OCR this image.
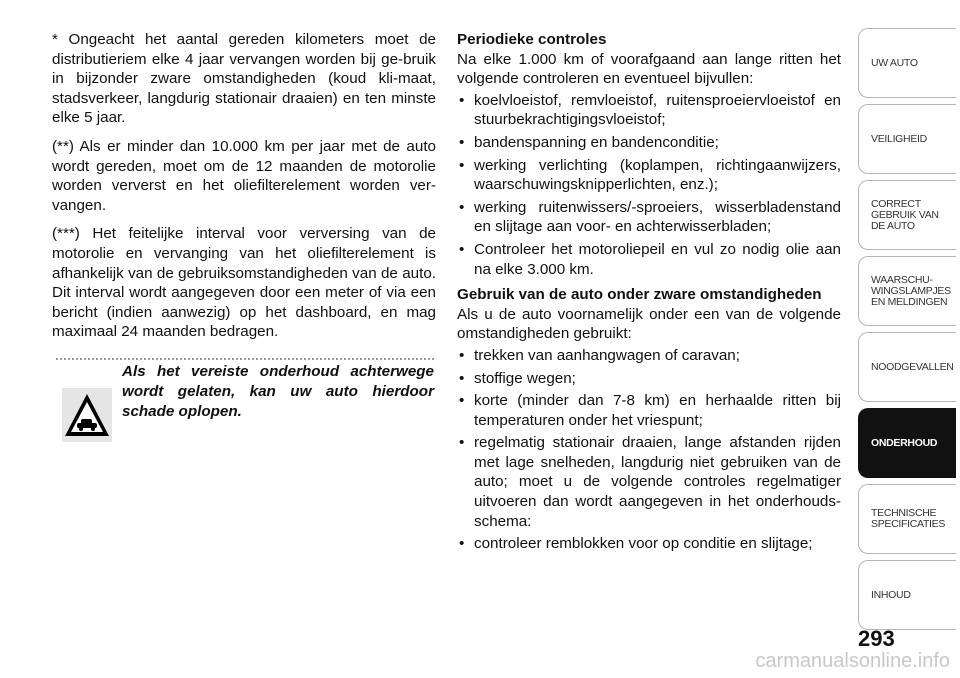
* Ongeacht het aantal gereden kilometers moet de distributieriem elke 4 jaar vervangen worden bij ge-bruik in bijzonder zware omstandigheden (koud kli-maat, stadsverkeer, langdurig stationair draaien) en ten minste elke 5 jaar.

(**) Als er minder dan 10.000 km per jaar met de auto wordt gereden, moet om de 12 maanden de motorolie worden ververst en het oliefilterelement worden ver-vangen.

(***) Het feitelijke interval voor verversing van de motorolie en vervanging van het oliefilterelement is afhankelijk van de gebruiksomstandigheden van de auto. Dit interval wordt aangegeven door een meter of via een bericht (indien aanwezig) op het dashboard, en mag maximaal 24 maanden bedragen.

Als het vereiste onderhoud achterwege wordt gelaten, kan uw auto hierdoor schade oplopen.
Periodieke controles

Na elke 1.000 km of voorafgaand aan lange ritten het volgende controleren en eventueel bijvullen:

• koelvloeistof, remvloeistof, ruitensproeiervloeistof en stuurbekrachtigingsvloeistof;
• bandenspanning en bandenconditie;
• werking verlichting (koplampen, richtingaanwijzers, waarschuwingsknipperlichten, enz.);
• werking ruitenwissers/-sproeiers, wisserbladenstand en slijtage aan voor- en achterwisserbladen;
• Controleer het motoroliepeil en vul zo nodig olie aan na elke 3.000 km.
Gebruik van de auto onder zware omstandigheden

Als u de auto voornamelijk onder een van de volgende omstandigheden gebruikt:

• trekken van aanhangwagen of caravan;
• stoffige wegen;
• korte (minder dan 7-8 km) en herhaalde ritten bij temperaturen onder het vriespunt;
• regelmatig stationair draaien, lange afstanden rijden met lage snelheden, langdurig niet gebruiken van de auto; moet u de volgende controles regelmatiger uitvoeren dan wordt aangegeven in het onderhouds-schema:
• controleer remblokken voor op conditie en slijtage;
UW AUTO
VEILIGHEID
CORRECT
GEBRUIK VAN
DE AUTO
WAARSCHU-
WINGSLAMPJES
EN MELDINGEN
NOODGEVALLEN
ONDERHOUD
TECHNISCHE
SPECIFICATIES
INHOUD
293
carmanualsonline.info
